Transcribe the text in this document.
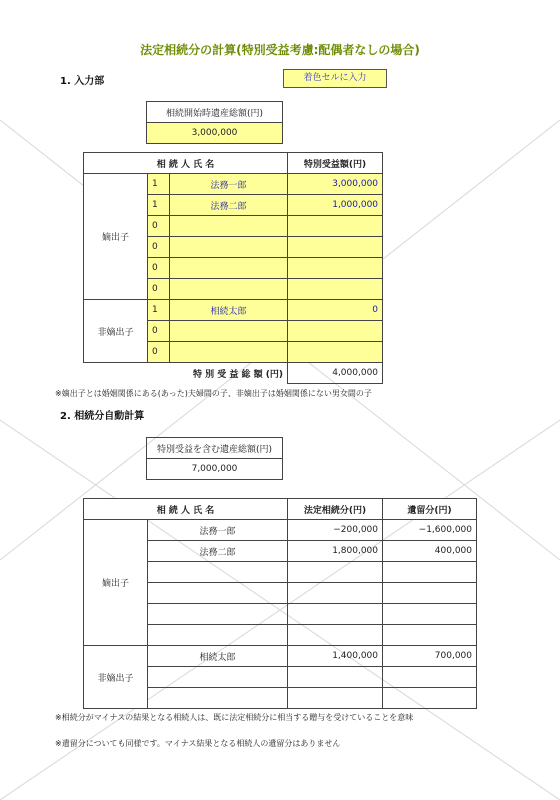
法定相続分の計算(特別受益考慮:配偶者なしの場合)
1. 入力部	着色セルに入力
相続開始時遺産総額(円)
3,000,000
相 続 人 氏 名			特別受益額(円)
嫡出子	1	法務一郎	3,000,000
	1	法務二郎	1,000,000
	0		
	0		
	0		
	0		
非嫡出子	1	相続太郎	0
	0		
	0		
特 別 受 益 総 額 (円)			4,000,000
※嫡出子とは婚姻関係にある(あった)夫婦間の子、非嫡出子は婚姻関係にない男女間の子
2. 相続分自動計算
特別受益を含む遺産総額(円)
7,000,000
相 続 人 氏 名		法定相続分(円)	遺留分(円)
嫡出子	法務一郎	−200,000	−1,600,000
	法務二郎	1,800,000	400,000

非嫡出子	相続太郎	1,400,000	700,000

※相続分がマイナスの結果となる相続人は、既に法定相続分に相当する贈与を受けていることを意味
※遺留分についても同様です。マイナス結果となる相続人の遺留分はありません
